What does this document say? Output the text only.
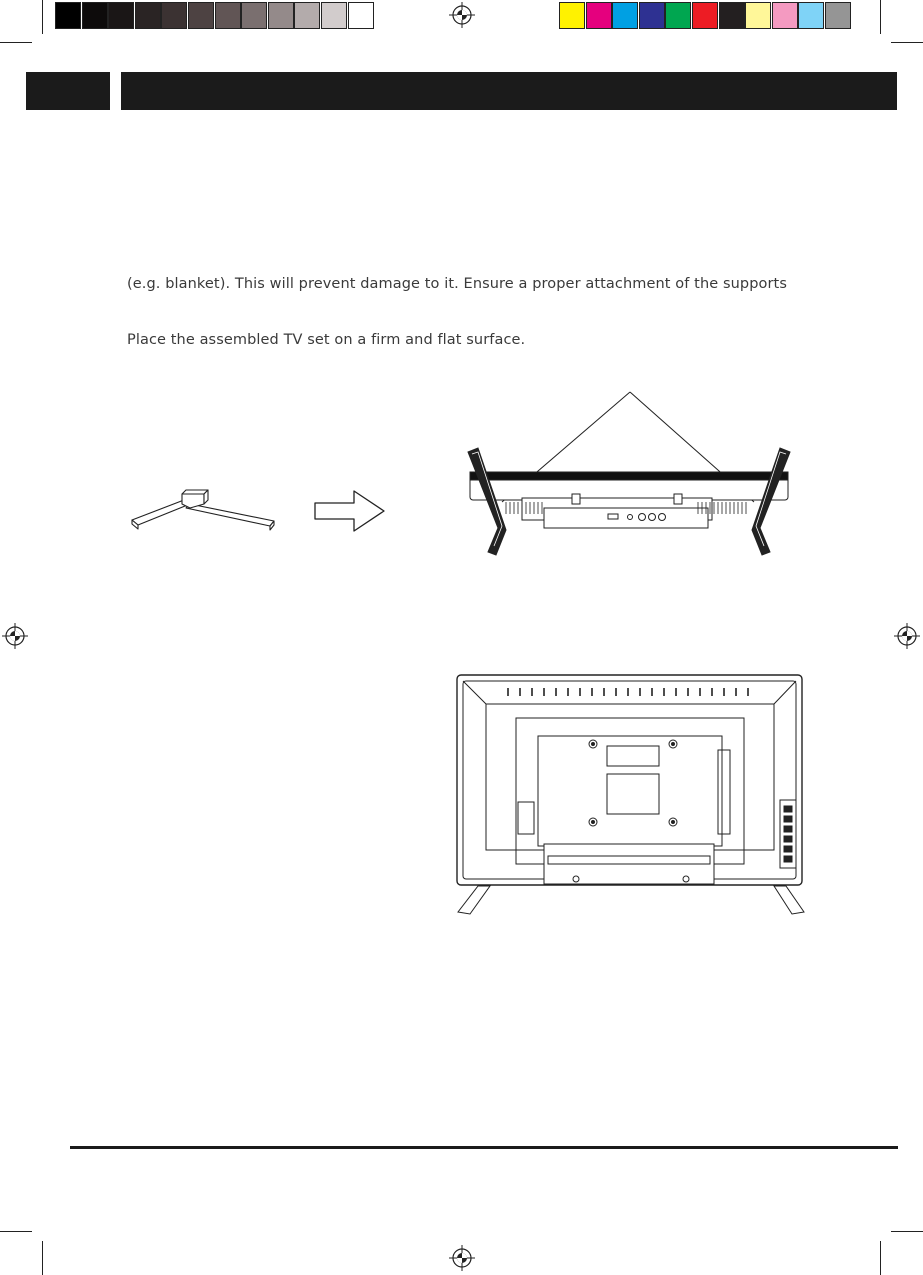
(e.g. blanket). This will prevent damage to it. Ensure a proper attachment of the supports
Place the assembled TV set on a firm and flat surface.
